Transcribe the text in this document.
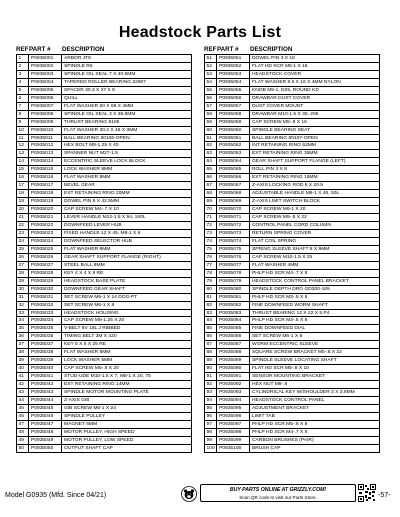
Headstock Parts List
REF PART #	DESCRIPTION
1	P0935001	ARBOR JT6
2	P0935002	SPINDLE R8
3	P0935003	SPINDLE OIL SEAL 7 X 40.5MM
4	P0935004	TAPERED ROLLER BEARING 32907
5	P0935005	SPACER 30.3 X 37 X 9
6	P0935006	QUILL
7	P0935007	FLAT WASHER 60 X 68 X 4MM
8	P0935008	SPINDLE OIL SEAL 3 X 35.5MM
9	P0935009	THRUST BEARING 8106
10	P0935010	FLAT WASHER 30.2 X 45 X 3MM
11	P0935011	BALL BEARING 80106-OPEN
12	P0935012	HEX BOLT M8-1.25 X 40
13	P0935013	SPANNER NUT M27-1.5
14	P0935014	ECCENTRIC SLEEVE LOCK BLOCK
15	P0935015	LOCK WASHER 8MM
16	P0935016	FLAT WASHER 8MM
17	P0935017	BEVEL GEAR
18	P0935018	EXT RETAINING RING 20MM
19	P0935019	DOWEL PIN 8 X 42.5MM
20	P0935020	CAP SCREW M4-.7 X 10
21	P0935021	LEVER HANDLE M12-1.5 X 94, 160L
22	P0935022	DOWNFEED LEVER HUB
23	P0935023	FIXED HANDLE 12 X 45, M8-1 X 6
24	P0935024	DOWNFEED SELECTOR HUB
25	P0935025	FLAT WASHER 8MM
26	P0935026	GEAR SHAFT SUPPORT FLANGE (RIGHT)
27	P0935027	STEEL BALL 8MM
28	P0935028	KEY 4 X 4 X 8 RE
29	P0935029	HEADSTOCK BASE PLATE
30	P0935030	DOWNFEED GEAR SHAFT
31	P0935031	SET SCREW M6-1 X 14 DOG-PT
32	P0935032	SET SCREW M6-1 X 8
33	P0935033	HEADSTOCK HOUSING
34	P0935034	CAP SCREW M8-1.25 X 20
35	P0935035	V-BELT 6V 18L J RIBBED
36	P0935036	TIMING BELT 3M X 420
37	P0935037	KEY 5 X 5 X 25 RE
38	P0935038	FLAT WASHER 8MM
39	P0935039	LOCK WASHER 5MM
40	P0935040	CAP SCREW M5-.8 X 20
41	P0935041	STUD-UDE M10-1.5 X 7, M8-1 X 20, 75
42	P0935042	EXT RETAINING RING 14MM
43	P0935043	SPINDLE MOTOR MOUNTING PLATE
44	P0935044	Z-AXIS GIB
45	P0935045	GIB SCREW M6-1 X 24
46	P0935046	SPINDLE PULLEY
47	P0935047	MAGNET 6MM
48	P0935048	MOTOR PULLEY, HIGH SPEED
49	P0935049	MOTOR PULLEY, LOW SPEED
50	P0935050	OUTPUT SHAFT CAP
REF PART #	DESCRIPTION
51	P0935051	DOWEL PIN 3 X 10
52	P0935052	FLAT HD SCR M6-1 X 16
53	P0935053	HEADSTOCK COVER
54	P0935054	FLAT WASHER 8.5 X 16 X 4MM NYLON
55	P0935055	KNOB M8-1, D25, ROUND KD
56	P0935056	DRAWBAR DUST COVER
57	P0935057	DUST COVER MOUNT
58	P0935058	DRAWBAR M10-1.5 X 35, 295
59	P0935059	CAP SCREW M5-.8 X 16
60	P0935060	SPINDLE BEARING SEAT
61	P0935061	BALL BEARING 80107-OPEN
62	P0935062	INT RETAINING RING 62MM
63	P0935063	EXT RETAINING RING 35MM
64	P0935064	GEAR SHAFT SUPPORT FLANGE (LEFT)
65	P0935065	ROLL PIN 3 X 8
66	P0935066	EXT RETAINING RING 16MM
67	P0935067	Z-AXIS LOCKING ROD 5 X 20.5
68	P0935068	ADJUSTABLE HANDLE M6-1 X 46, 50L
69	P0935069	Z-AXIS LIMIT SWITCH BLOCK
70	P0935070	CAP SCREW M6-1 X 20
71	P0935071	CAP SCREW M5-.8 X 22
72	P0935072	CONTROL PANEL CORD COLUMN
73	P0935073	RETURN SPRING COVER
74	P0935074	FLAT COIL SPRING
75	P0935075	SPRING SLEEVE SHAFT 8 X 9MM
76	P0935076	CAP SCREW M10-1.5 X 25
77	P0935077	FLAT WASHER 4MM
78	P0935078	PHLP HD SCR M4-.7 X 8
79	P0935079	HEADSTOCK CONTROL PANEL BRACKET
80	P0935080	SPINDLE DEPTH DRO GD300-165
81	P0935081	PHLP HD SCR M3-.5 X 8
82	P0935082	FINE DOWNFEED WORM SHAFT
83	P0935083	THRUST BEARING 12 X 22 X 5 P4
84	P0935084	PHLP HD SCR M3-.5 X 6
85	P0935085	FINE DOWNFEED DIAL
86	P0935086	SET SCREW M6-1 X 8
87	P0935087	WORM ECCENTRIC SLEEVE
88	P0935088	SQUARE SCREW BRACKET M5-.8 X 22
89	P0935089	SPINDLE SLEEVE LOCATING SHAFT
90	P0935090	FLAT HD SCR M5-.8 X 10
91	P0935091	SENSOR MOUNTING BRACKET
92	P0935092	HEX NUT M8-.8
93	P0935093	CYLINDRICAL KEY W/SHOULDER 3 X 3.8MM
94	P0935094	HEADSTOCK CONTROL PANEL
95	P0935095	ADJUSTMENT BRACKET
96	P0935096	LIMIT TAB
97	P0935097	PHLP HD SCR M5-.8 X 8
98	P0935098	PHLP HD SCR M4-.7 X 6
99	P0935099	CARBON BRUSHES (PAIR)
100 P0935100	BRUSH CAP
Model G0935 (Mfd. Since 04/21)
BUY PARTS ONLINE AT GRIZZLY.COM!
Scan QR code to visit our Parts Store.	-57-
